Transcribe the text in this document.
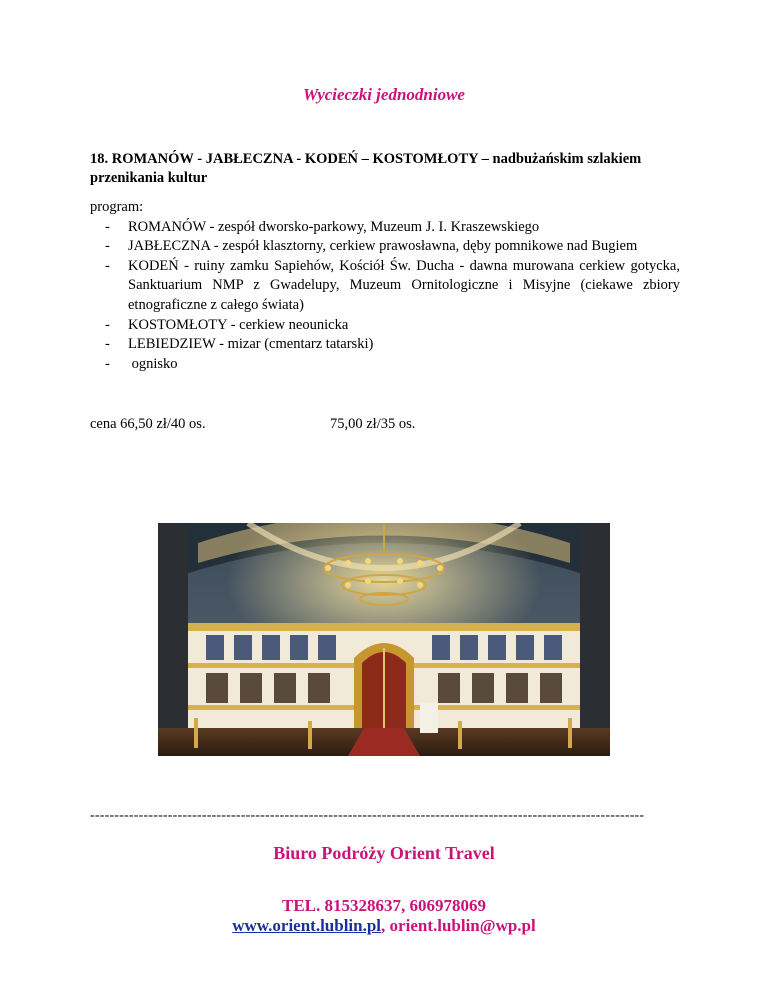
Wycieczki jednodniowe
18. ROMANÓW - JABŁECZNA - KODEŃ – KOSTOMŁOTY – nadbużańskim szlakiem przenikania kultur
program:
- ROMANÓW - zespół dworsko-parkowy, Muzeum J. I. Kraszewskiego
- JABŁECZNA - zespół klasztorny, cerkiew prawosławna, dęby pomnikowe nad Bugiem
- KODEŃ - ruiny zamku Sapiehów, Kościół Św. Ducha - dawna murowana cerkiew gotycka, Sanktuarium NMP z Gwadelupy, Muzeum Ornitologiczne i Misyjne (ciekawe zbiory etnograficzne z całego świata)
- KOSTOMŁOTY - cerkiew neounicka
- LEBIEDZIEW - mizar (cmentarz tatarski)
- ognisko
cena 66,50 zł/40 os.	75,00 zł/35 os.
------------------------------------------------------------------------------------------------------------------
Biuro Podróży Orient Travel
TEL. 815328637, 606978069
www.orient.lublin.pl, orient.lublin@wp.pl
